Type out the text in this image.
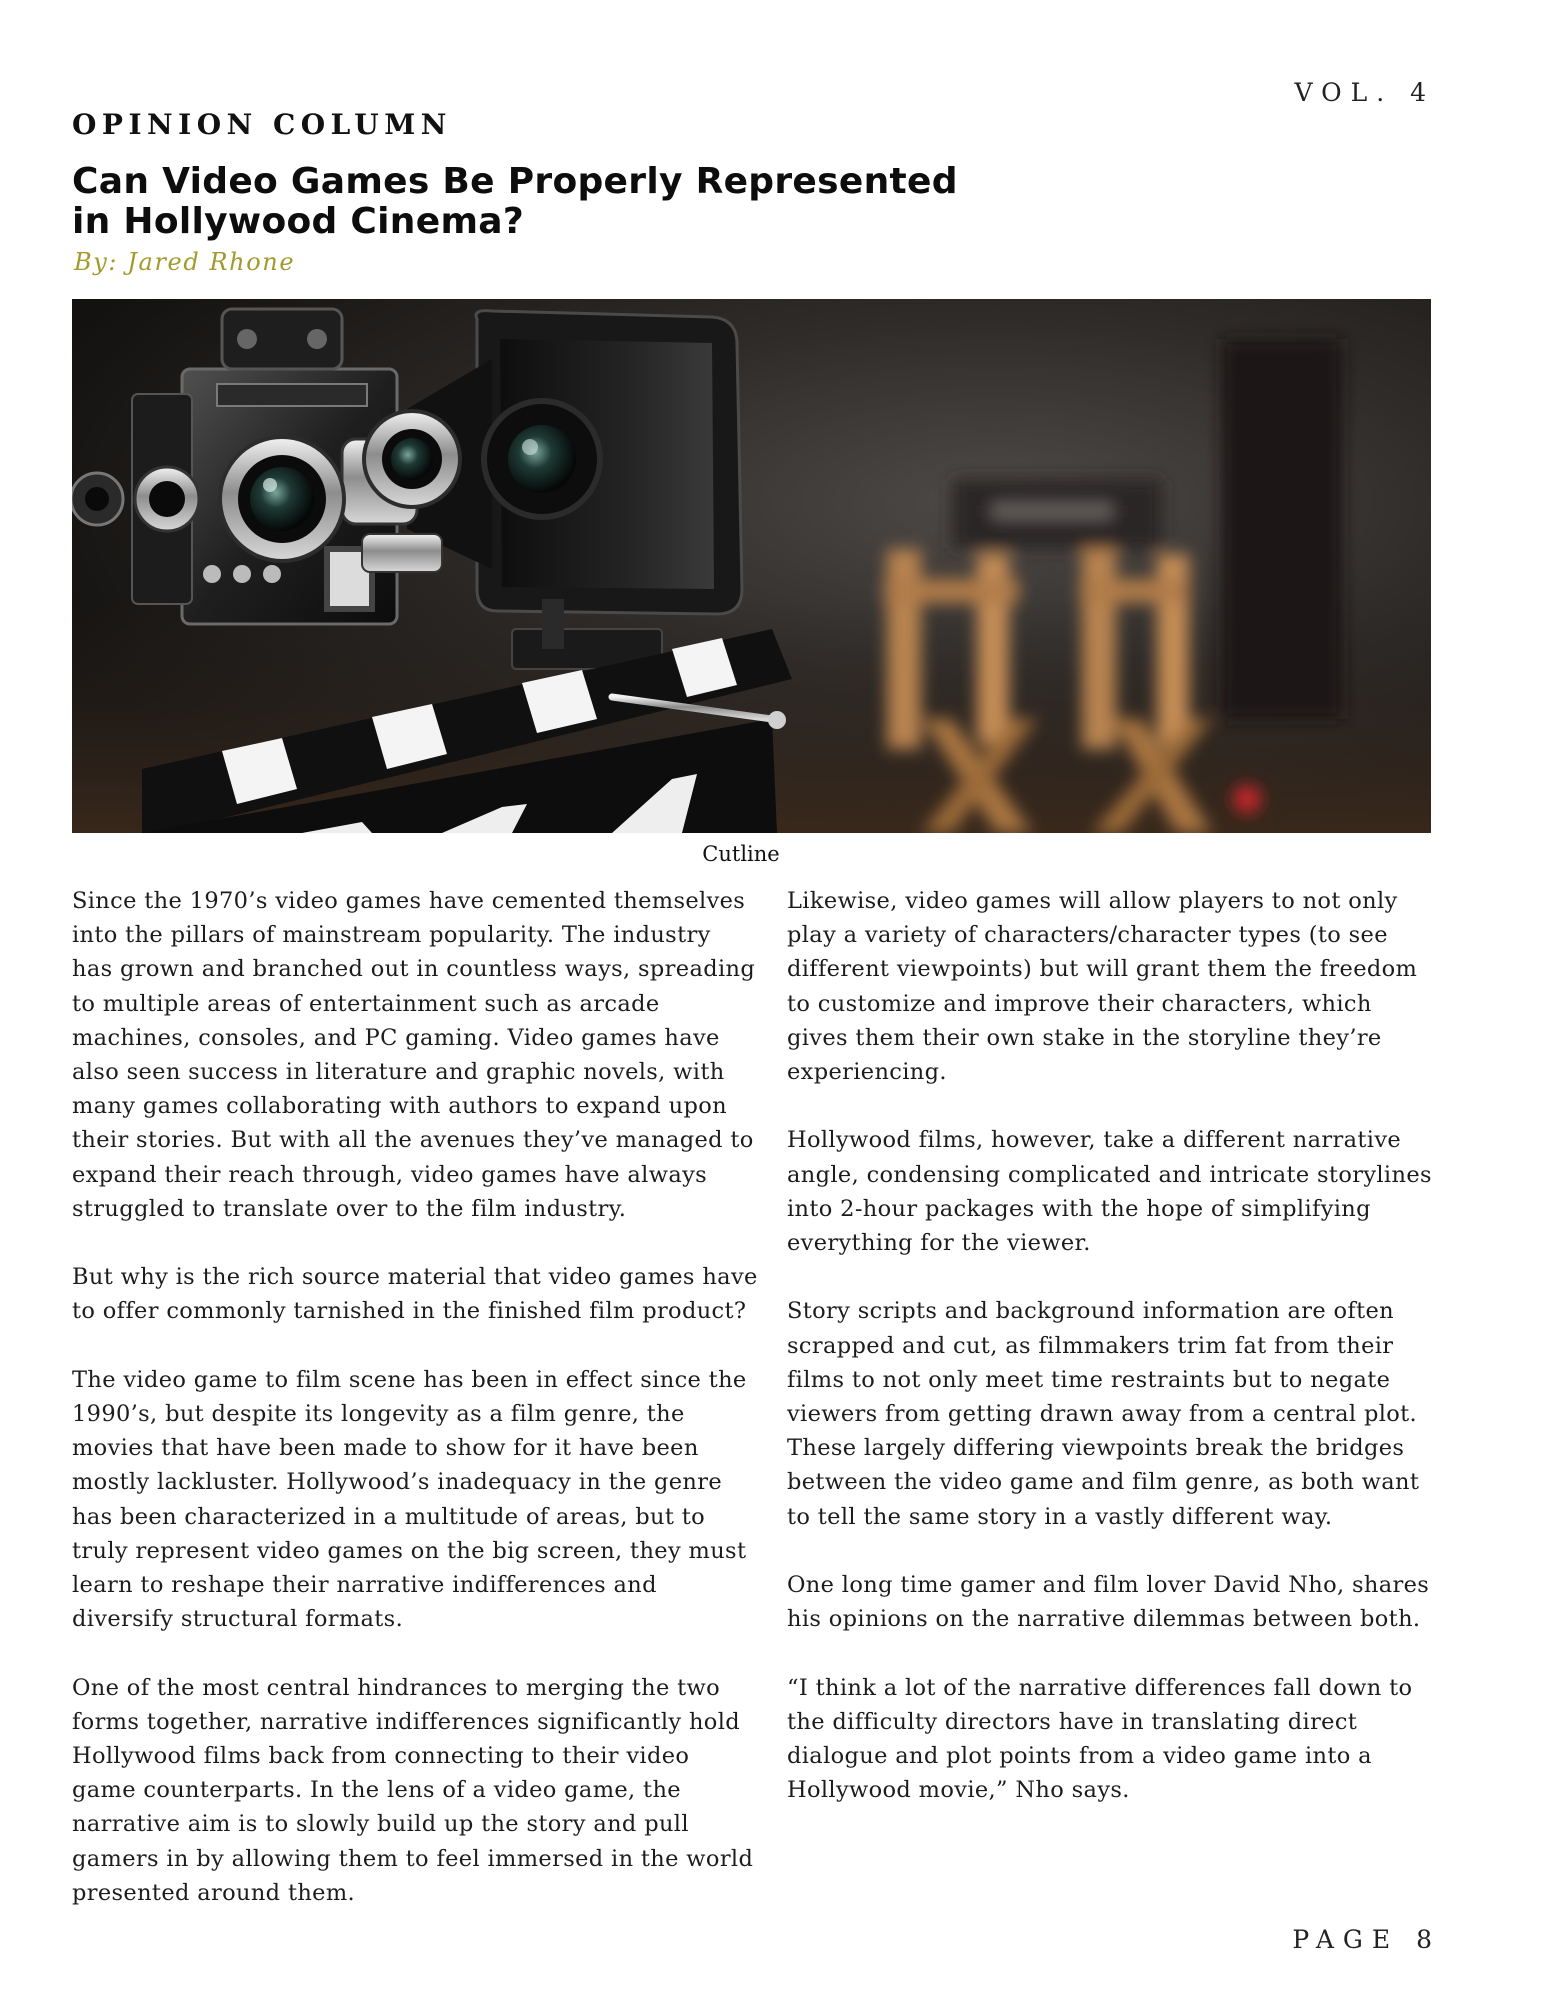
VOL. 4
OPINION COLUMN
Can Video Games Be Properly Represented in Hollywood Cinema?
By: Jared Rhone
Cutline

Since the 1970’s video games have cemented themselves into the pillars of mainstream popularity. The industry has grown and branched out in countless ways, spreading to multiple areas of entertainment such as arcade machines, consoles, and PC gaming. Video games have also seen success in literature and graphic novels, with many games collaborating with authors to expand upon their stories. But with all the avenues they’ve managed to expand their reach through, video games have always struggled to translate over to the film industry.

But why is the rich source material that video games have to offer commonly tarnished in the finished film product?

The video game to film scene has been in effect since the 1990’s, but despite its longevity as a film genre, the movies that have been made to show for it have been mostly lackluster. Hollywood’s inadequacy in the genre has been characterized in a multitude of areas, but to truly represent video games on the big screen, they must learn to reshape their narrative indifferences and diversify structural formats.

One of the most central hindrances to merging the two forms together, narrative indifferences significantly hold Hollywood films back from connecting to their video game counterparts. In the lens of a video game, the narrative aim is to slowly build up the story and pull gamers in by allowing them to feel immersed in the world presented around them.

Likewise, video games will allow players to not only play a variety of characters/character types (to see different viewpoints) but will grant them the freedom to customize and improve their characters, which gives them their own stake in the storyline they’re experiencing.

Hollywood films, however, take a different narrative angle, condensing complicated and intricate storylines into 2-hour packages with the hope of simplifying everything for the viewer.

Story scripts and background information are often scrapped and cut, as filmmakers trim fat from their films to not only meet time restraints but to negate viewers from getting drawn away from a central plot. These largely differing viewpoints break the bridges between the video game and film genre, as both want to tell the same story in a vastly different way.

One long time gamer and film lover David Nho, shares his opinions on the narrative dilemmas between both.

“I think a lot of the narrative differences fall down to the difficulty directors have in translating direct dialogue and plot points from a video game into a Hollywood movie,” Nho says.

PAGE 8
